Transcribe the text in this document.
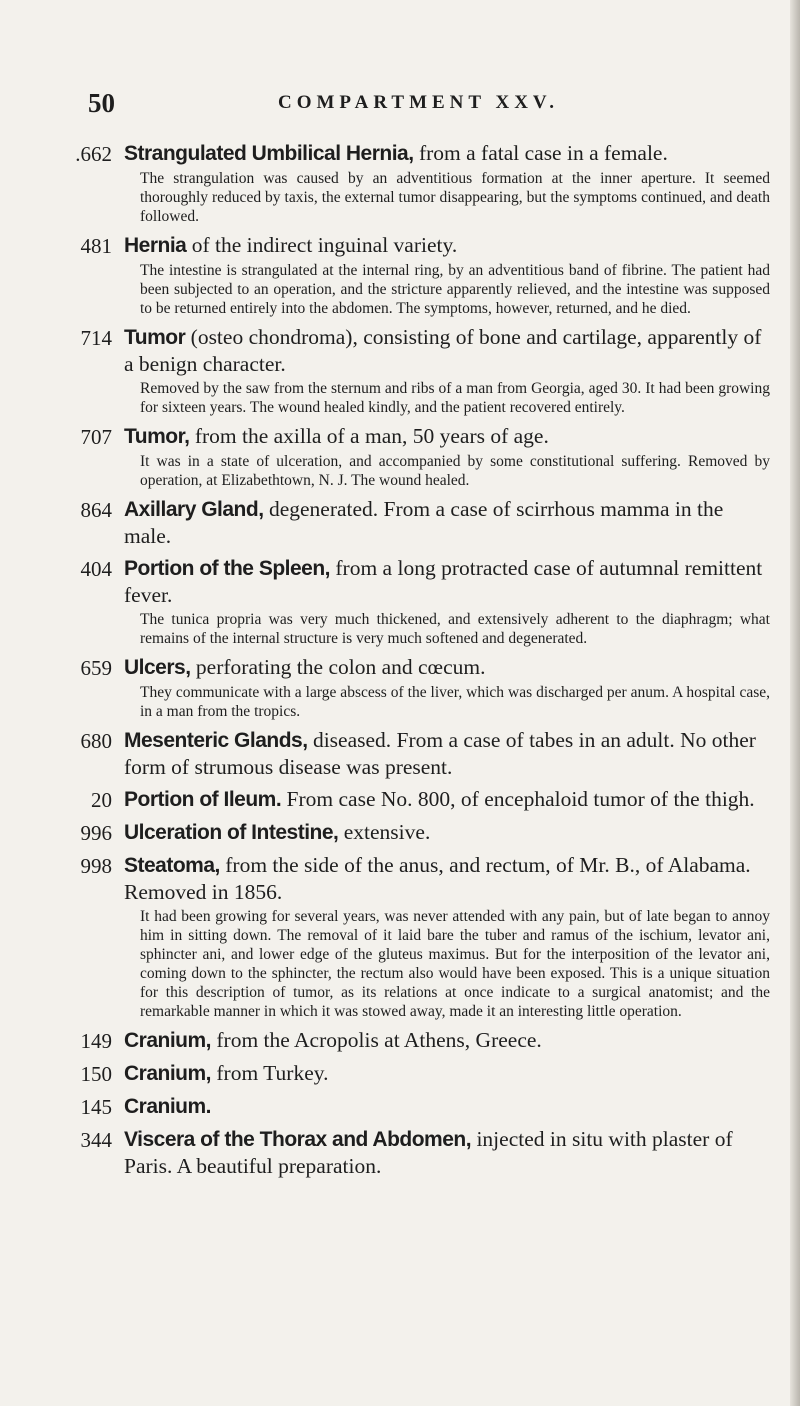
50	COMPARTMENT XXV.
.662 Strangulated Umbilical Hernia, from a fatal case in a female.
The strangulation was caused by an adventitious formation at the inner aperture. It seemed thoroughly reduced by taxis, the external tumor disappearing, but the symptoms continued, and death followed.
481 Hernia of the indirect inguinal variety.
The intestine is strangulated at the internal ring, by an adventitious band of fibrine. The patient had been subjected to an operation, and the stricture apparently relieved, and the intestine was supposed to be returned entirely into the abdomen. The symptoms, however, returned, and he died.
714 Tumor (osteo chondroma), consisting of bone and cartilage, apparently of a benign character.
Removed by the saw from the sternum and ribs of a man from Georgia, aged 30. It had been growing for sixteen years. The wound healed kindly, and the patient recovered entirely.
707 Tumor, from the axilla of a man, 50 years of age.
It was in a state of ulceration, and accompanied by some constitutional suffering. Removed by operation, at Elizabethtown, N. J. The wound healed.
864 Axillary Gland, degenerated. From a case of scirrhous mamma in the male.
404 Portion of the Spleen, from a long protracted case of autumnal remittent fever.
The tunica propria was very much thickened, and extensively adherent to the diaphragm; what remains of the internal structure is very much softened and degenerated.
659 Ulcers, perforating the colon and cœcum.
They communicate with a large abscess of the liver, which was discharged per anum. A hospital case, in a man from the tropics.
680 Mesenteric Glands, diseased. From a case of tabes in an adult. No other form of strumous disease was present.
20 Portion of Ileum. From case No. 800, of encephaloid tumor of the thigh.
996 Ulceration of Intestine, extensive.
998 Steatoma, from the side of the anus, and rectum, of Mr. B., of Alabama. Removed in 1856.
It had been growing for several years, was never attended with any pain, but of late began to annoy him in sitting down. The removal of it laid bare the tuber and ramus of the ischium, levator ani, sphincter ani, and lower edge of the gluteus maximus. But for the interposition of the levator ani, coming down to the sphincter, the rectum also would have been exposed. This is a unique situation for this description of tumor, as its relations at once indicate to a surgical anatomist; and the remarkable manner in which it was stowed away, made it an interesting little operation.
149 Cranium, from the Acropolis at Athens, Greece.
150 Cranium, from Turkey.
145 Cranium.
344 Viscera of the Thorax and Abdomen, injected in situ with plaster of Paris. A beautiful preparation.
